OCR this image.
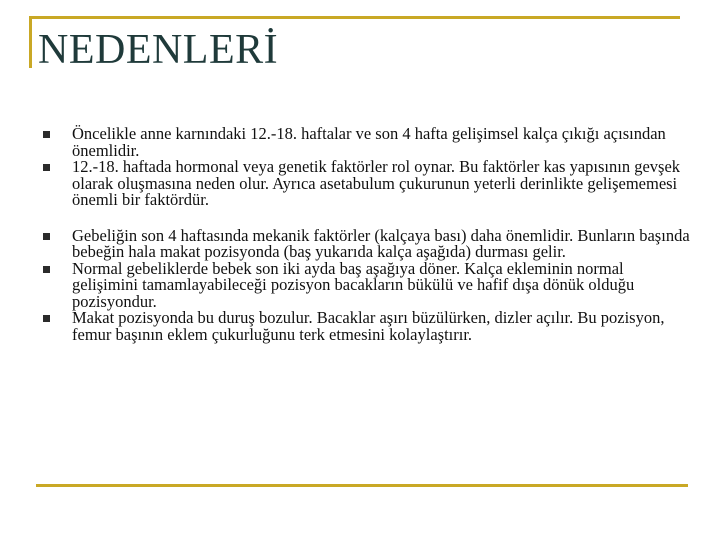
NEDENLERİ
Öncelikle anne karnındaki 12.-18. haftalar ve son 4 hafta gelişimsel kalça çıkığı açısından önemlidir.
12.-18. haftada hormonal veya genetik faktörler rol oynar. Bu faktörler kas yapısının gevşek olarak oluşmasına neden olur. Ayrıca asetabulum çukurunun yeterli derinlikte gelişememesi önemli bir faktördür.
Gebeliğin son 4 haftasında mekanik faktörler (kalçaya bası) daha önemlidir. Bunların başında bebeğin hala makat pozisyonda (baş yukarıda kalça aşağıda) durması gelir.
Normal gebeliklerde bebek son iki ayda baş aşağıya döner. Kalça ekleminin normal gelişimini tamamlayabileceği pozisyon bacakların bükülü ve hafif dışa dönük olduğu pozisyondur.
Makat pozisyonda bu duruş bozulur. Bacaklar aşırı büzülürken, dizler açılır. Bu pozisyon, femur başının eklem çukurluğunu terk etmesini kolaylaştırır.
